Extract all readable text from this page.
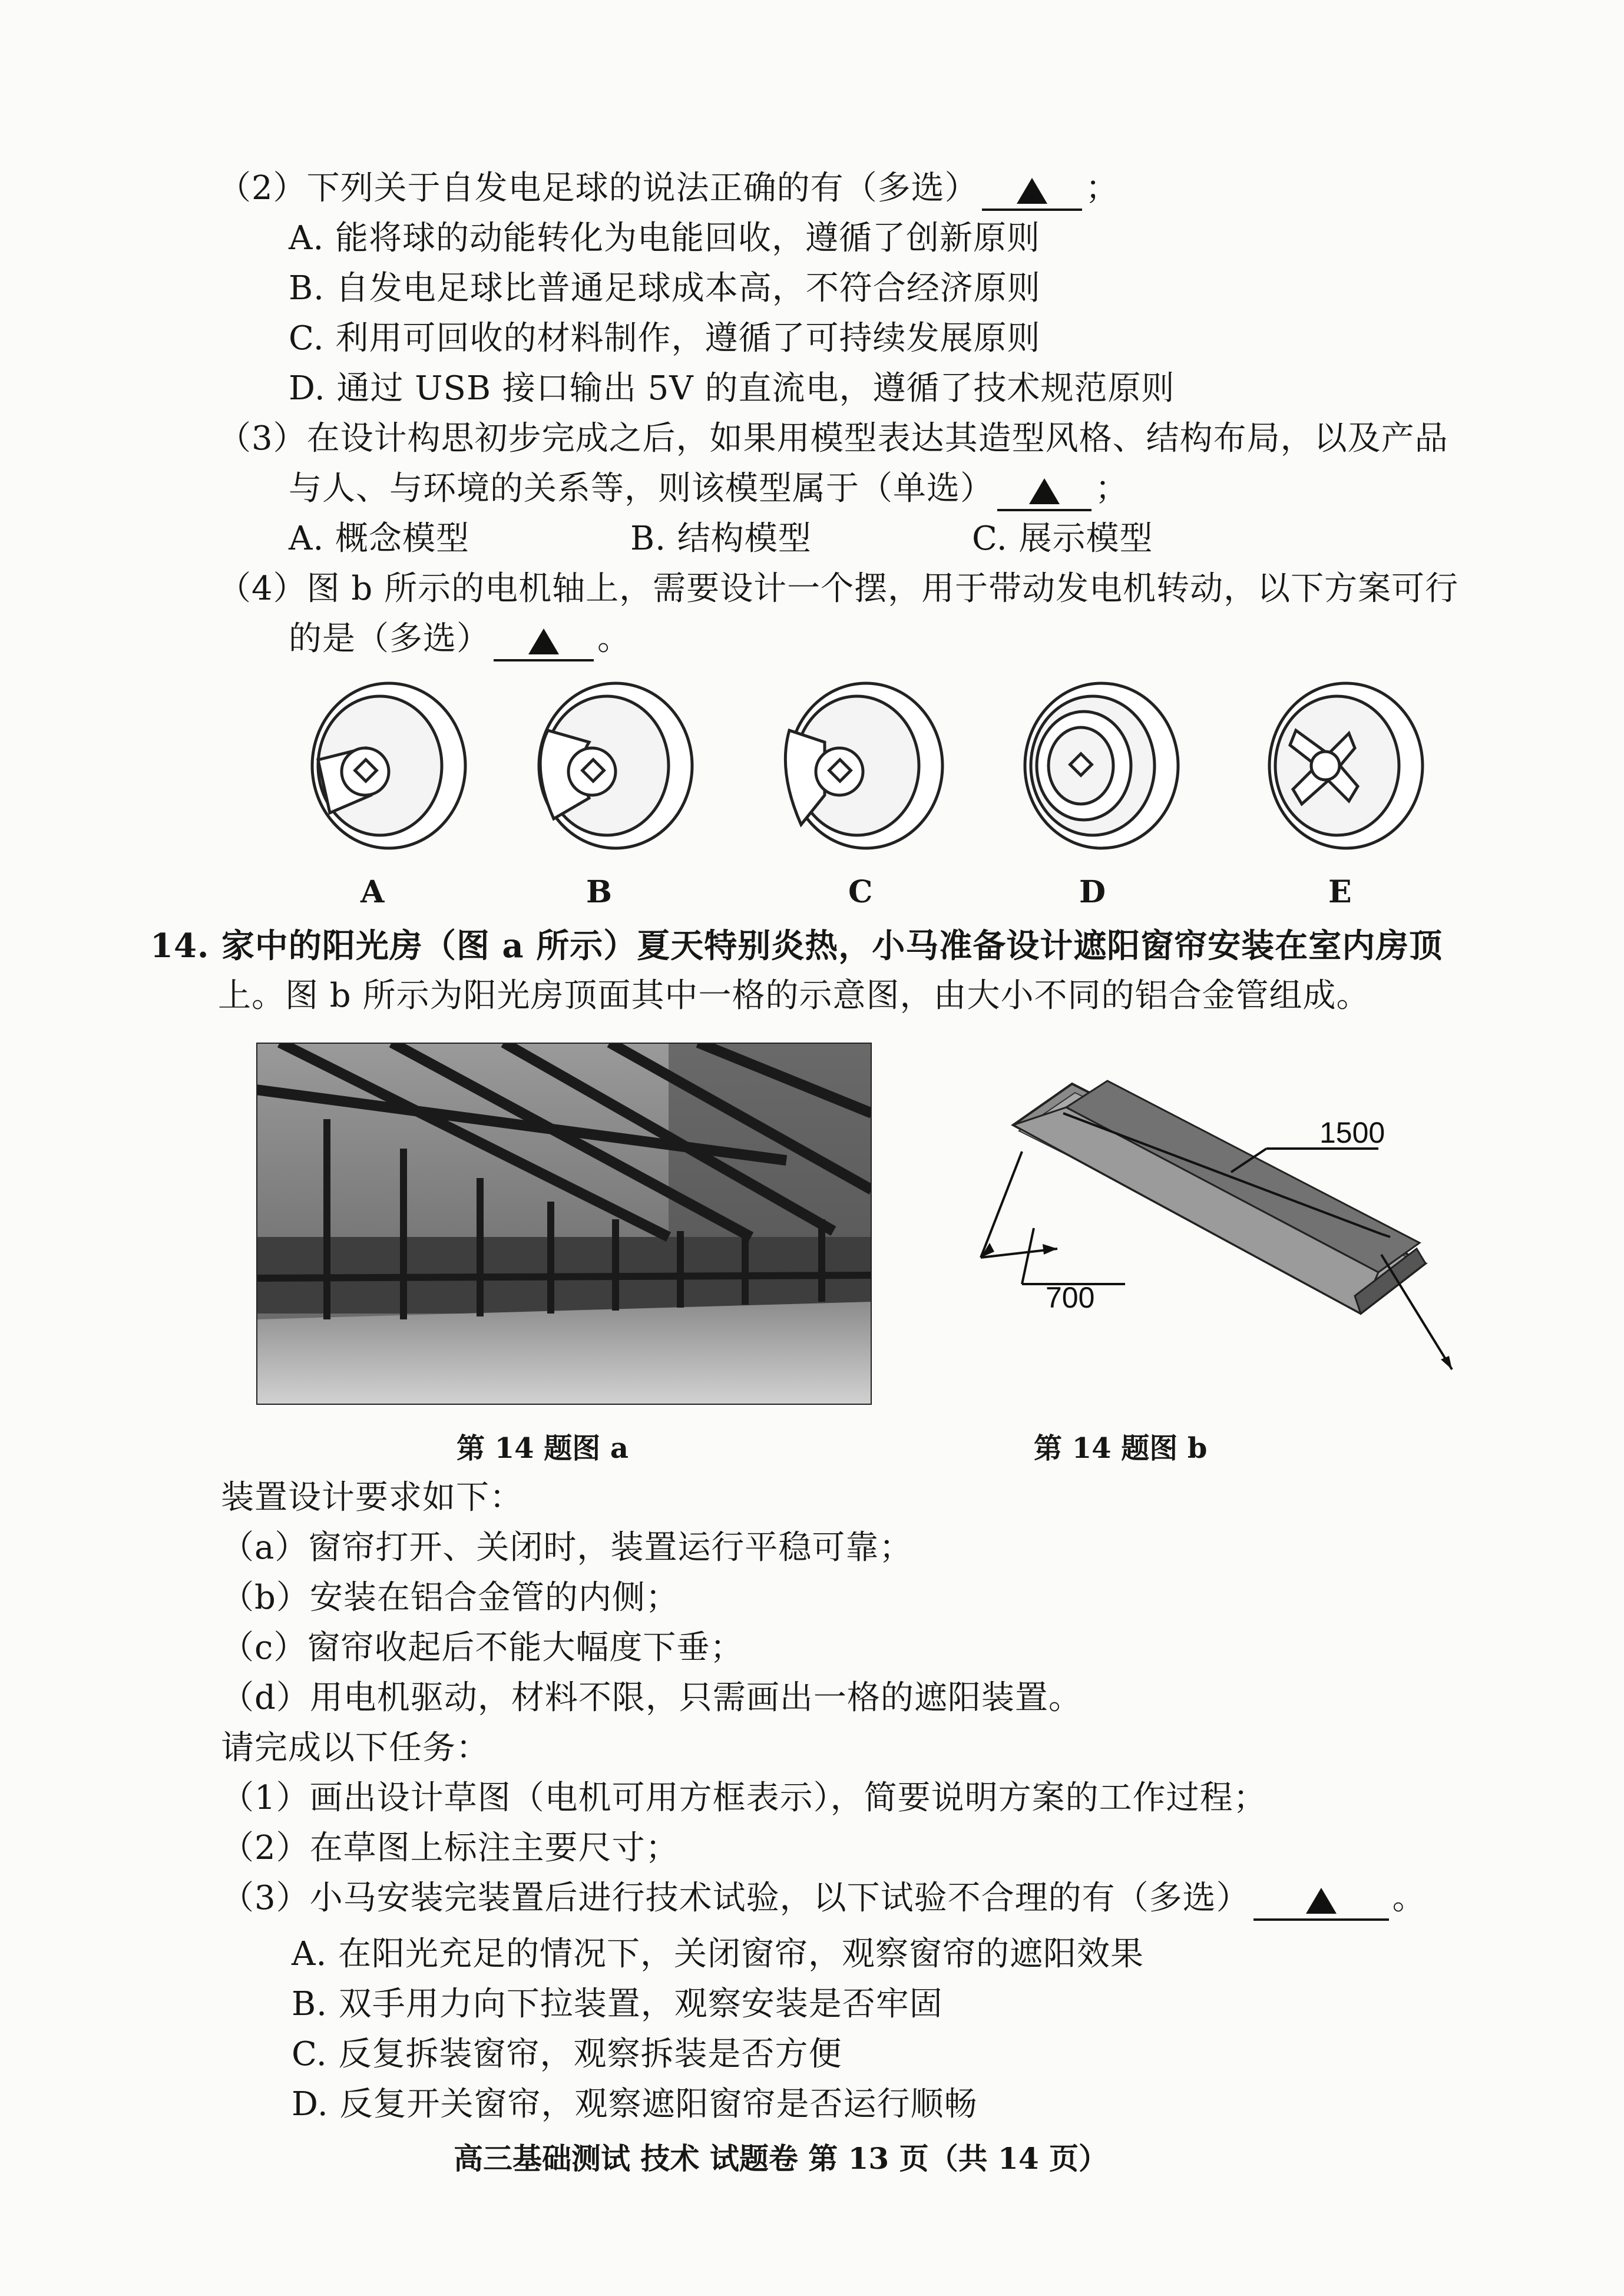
（2）下列关于自发电足球的说法正确的有（多选）	；
A. 能将球的动能转化为电能回收，遵循了创新原则
B. 自发电足球比普通足球成本高，不符合经济原则
C. 利用可回收的材料制作，遵循了可持续发展原则
D. 通过 USB 接口输出 5V 的直流电，遵循了技术规范原则
（3）在设计构思初步完成之后，如果用模型表达其造型风格、结构布局，以及产品
与人、与环境的关系等，则该模型属于（单选）	；
A. 概念模型	B. 结构模型	C. 展示模型
（4）图 b 所示的电机轴上，需要设计一个摆，用于带动发电机转动，以下方案可行
的是（多选）	。
A	B	C	D	E
14. 家中的阳光房（图 a 所示）夏天特别炎热，小马准备设计遮阳窗帘安装在室内房顶
上。图 b 所示为阳光房顶面其中一格的示意图，由大小不同的铝合金管组成。
1500
700
第 14 题图 a	第 14 题图 b
装置设计要求如下：
（a）窗帘打开、关闭时，装置运行平稳可靠；
（b）安装在铝合金管的内侧；
（c）窗帘收起后不能大幅度下垂；
（d）用电机驱动，材料不限，只需画出一格的遮阳装置。
请完成以下任务：
（1）画出设计草图（电机可用方框表示），简要说明方案的工作过程；
（2）在草图上标注主要尺寸；
（3）小马安装完装置后进行技术试验，以下试验不合理的有（多选）	。
A. 在阳光充足的情况下，关闭窗帘，观察窗帘的遮阳效果
B. 双手用力向下拉装置，观察安装是否牢固
C. 反复拆装窗帘，观察拆装是否方便
D. 反复开关窗帘，观察遮阳窗帘是否运行顺畅
高三基础测试 技术 试题卷 第 13 页（共 14 页）
